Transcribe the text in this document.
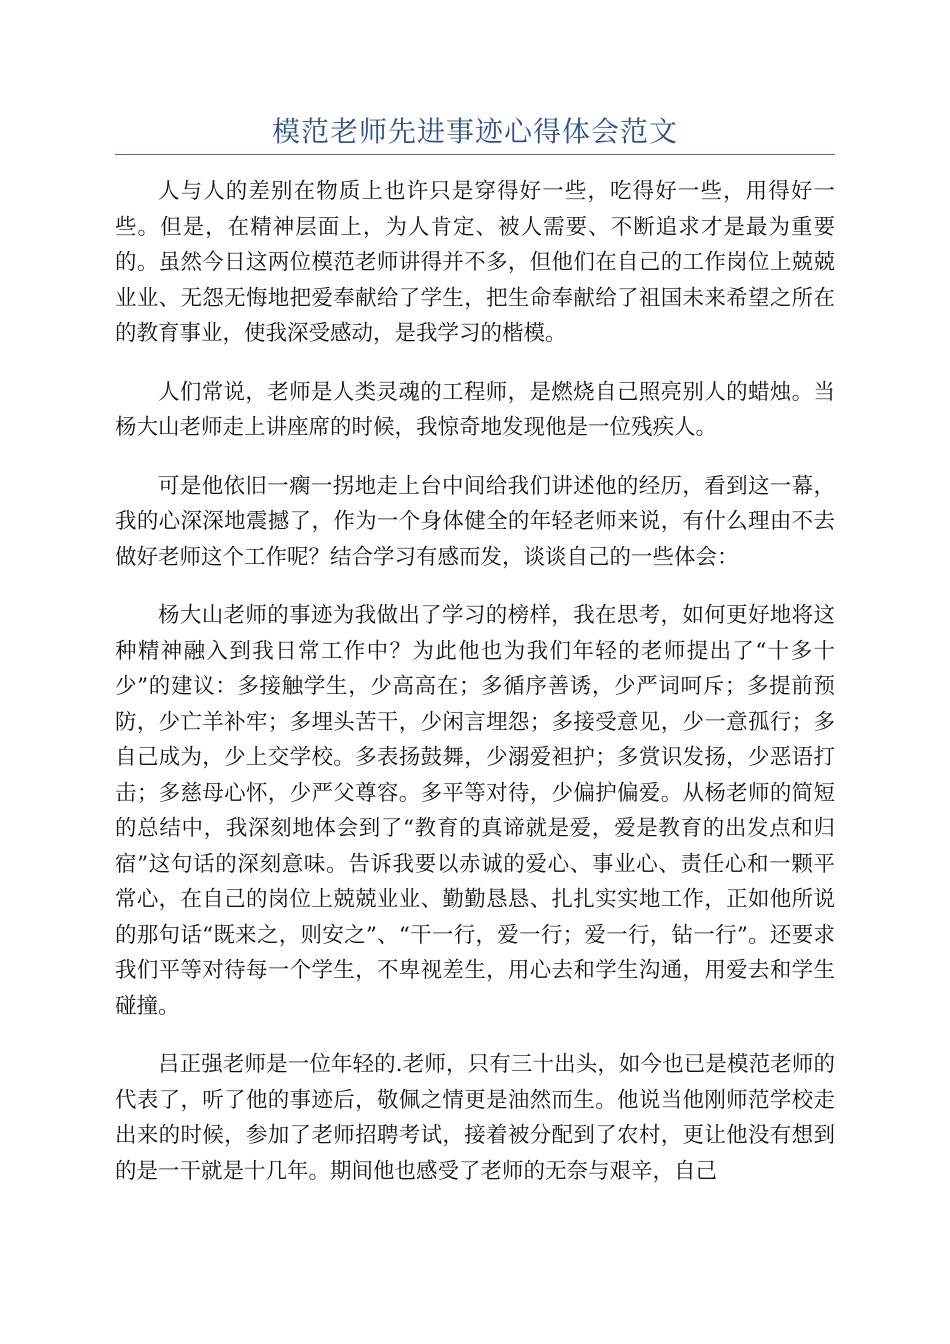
模范老师先进事迹心得体会范文

人与人的差别在物质上也许只是穿得好一些，吃得好一些，用得好一些。但是，在精神层面上，为人肯定、被人需要、不断追求才是最为重要的。虽然今日这两位模范老师讲得并不多，但他们在自己的工作岗位上兢兢业业、无怨无悔地把爱奉献给了学生，把生命奉献给了祖国未来希望之所在的教育事业，使我深受感动，是我学习的楷模。

人们常说，老师是人类灵魂的工程师，是燃烧自己照亮别人的蜡烛。当杨大山老师走上讲座席的时候，我惊奇地发现他是一位残疾人。

可是他依旧一瘸一拐地走上台中间给我们讲述他的经历，看到这一幕，我的心深深地震撼了，作为一个身体健全的年轻老师来说，有什么理由不去做好老师这个工作呢？结合学习有感而发，谈谈自己的一些体会：

杨大山老师的事迹为我做出了学习的榜样，我在思考，如何更好地将这种精神融入到我日常工作中？为此他也为我们年轻的老师提出了“十多十少”的建议：多接触学生，少高高在；多循序善诱，少严词呵斥；多提前预防，少亡羊补牢；多埋头苦干，少闲言埋怨；多接受意见，少一意孤行；多自己成为，少上交学校。多表扬鼓舞，少溺爱袒护；多赏识发扬，少恶语打击；多慈母心怀，少严父尊容。多平等对待，少偏护偏爱。从杨老师的简短的总结中，我深刻地体会到了“教育的真谛就是爱，爱是教育的出发点和归宿”这句话的深刻意味。告诉我要以赤诚的爱心、事业心、责任心和一颗平常心，在自己的岗位上兢兢业业、勤勤恳恳、扎扎实实地工作，正如他所说的那句话“既来之，则安之”、“干一行，爱一行；爱一行，钻一行”。还要求我们平等对待每一个学生，不卑视差生，用心去和学生沟通，用爱去和学生碰撞。

吕正强老师是一位年轻的.老师，只有三十出头，如今也已是模范老师的代表了，听了他的事迹后，敬佩之情更是油然而生。他说当他刚师范学校走出来的时候，参加了老师招聘考试，接着被分配到了农村，更让他没有想到的是一干就是十几年。期间他也感受了老师的无奈与艰辛，自己
